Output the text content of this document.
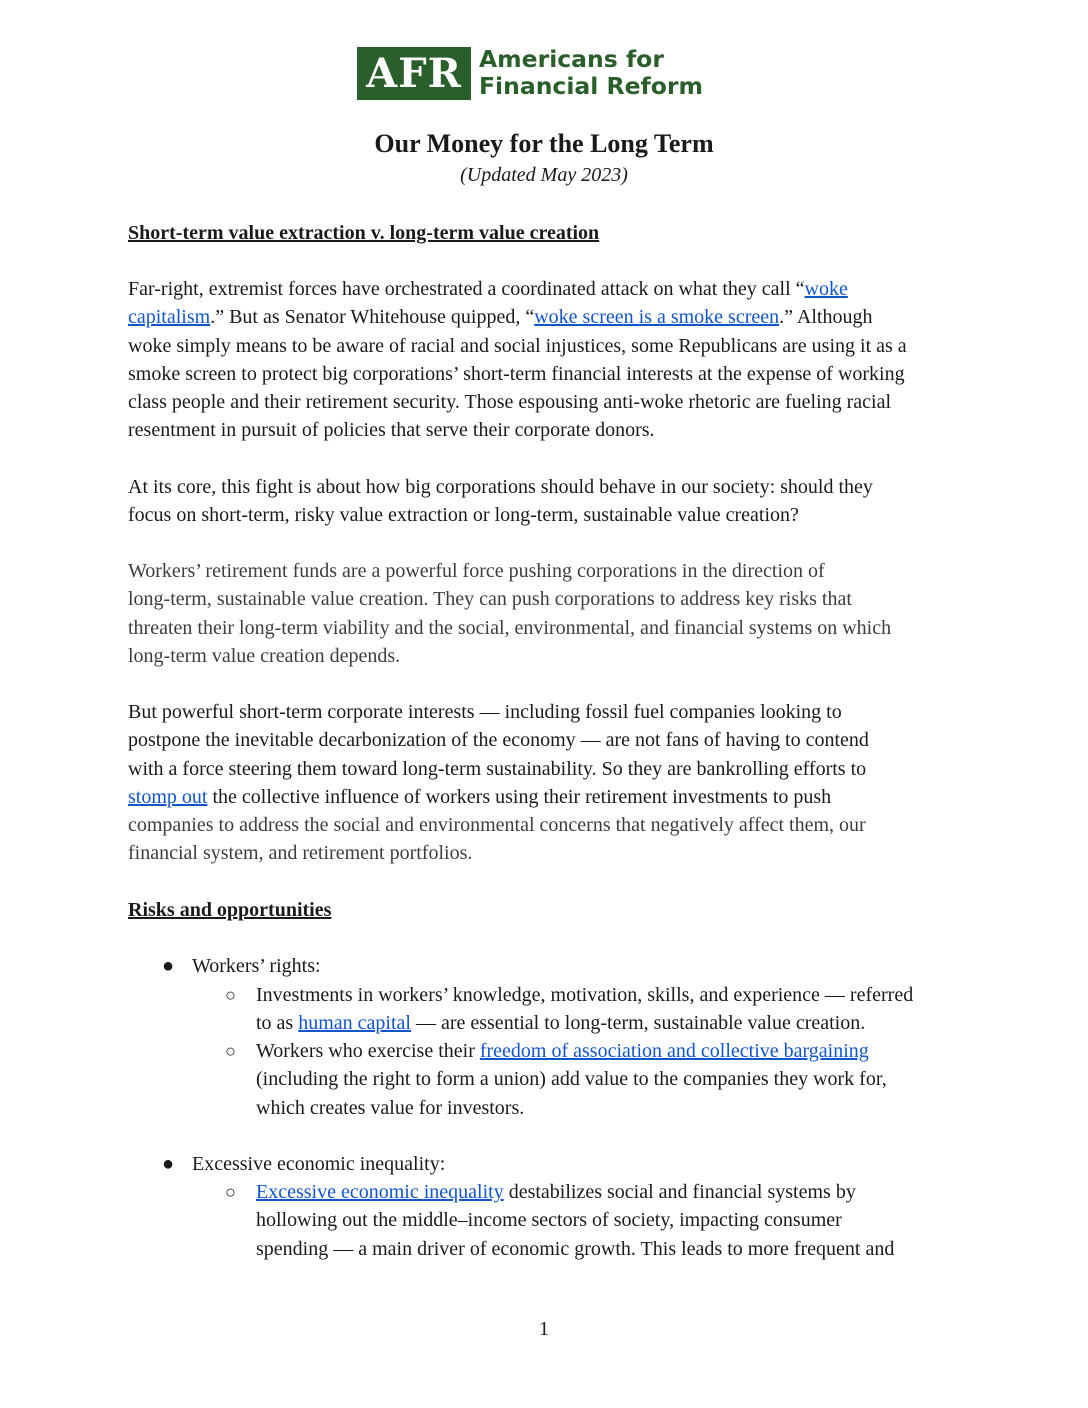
AFR Americans for
Financial Reform
Our Money for the Long Term
(Updated May 2023)
Short-term value extraction v. long-term value creation
Far-right, extremist forces have orchestrated a coordinated attack on what they call “woke
capitalism.” But as Senator Whitehouse quipped, “woke screen is a smoke screen.” Although
woke simply means to be aware of racial and social injustices, some Republicans are using it as a
smoke screen to protect big corporations’ short-term financial interests at the expense of working
class people and their retirement security. Those espousing anti-woke rhetoric are fueling racial
resentment in pursuit of policies that serve their corporate donors.
At its core, this fight is about how big corporations should behave in our society: should they
focus on short-term, risky value extraction or long-term, sustainable value creation?
Workers’ retirement funds are a powerful force pushing corporations in the direction of
long-term, sustainable value creation. They can push corporations to address key risks that
threaten their long-term viability and the social, environmental, and financial systems on which
long-term value creation depends.
But powerful short-term corporate interests — including fossil fuel companies looking to
postpone the inevitable decarbonization of the economy — are not fans of having to contend
with a force steering them toward long-term sustainability. So they are bankrolling efforts to
stomp out the collective influence of workers using their retirement investments to push
companies to address the social and environmental concerns that negatively affect them, our
financial system, and retirement portfolios.
Risks and opportunities
● Workers’ rights:
○ Investments in workers’ knowledge, motivation, skills, and experience — referred
to as human capital — are essential to long-term, sustainable value creation.
○ Workers who exercise their freedom of association and collective bargaining
(including the right to form a union) add value to the companies they work for,
which creates value for investors.
● Excessive economic inequality:
○ Excessive economic inequality destabilizes social and financial systems by
hollowing out the middle–income sectors of society, impacting consumer
spending — a main driver of economic growth. This leads to more frequent and
1
